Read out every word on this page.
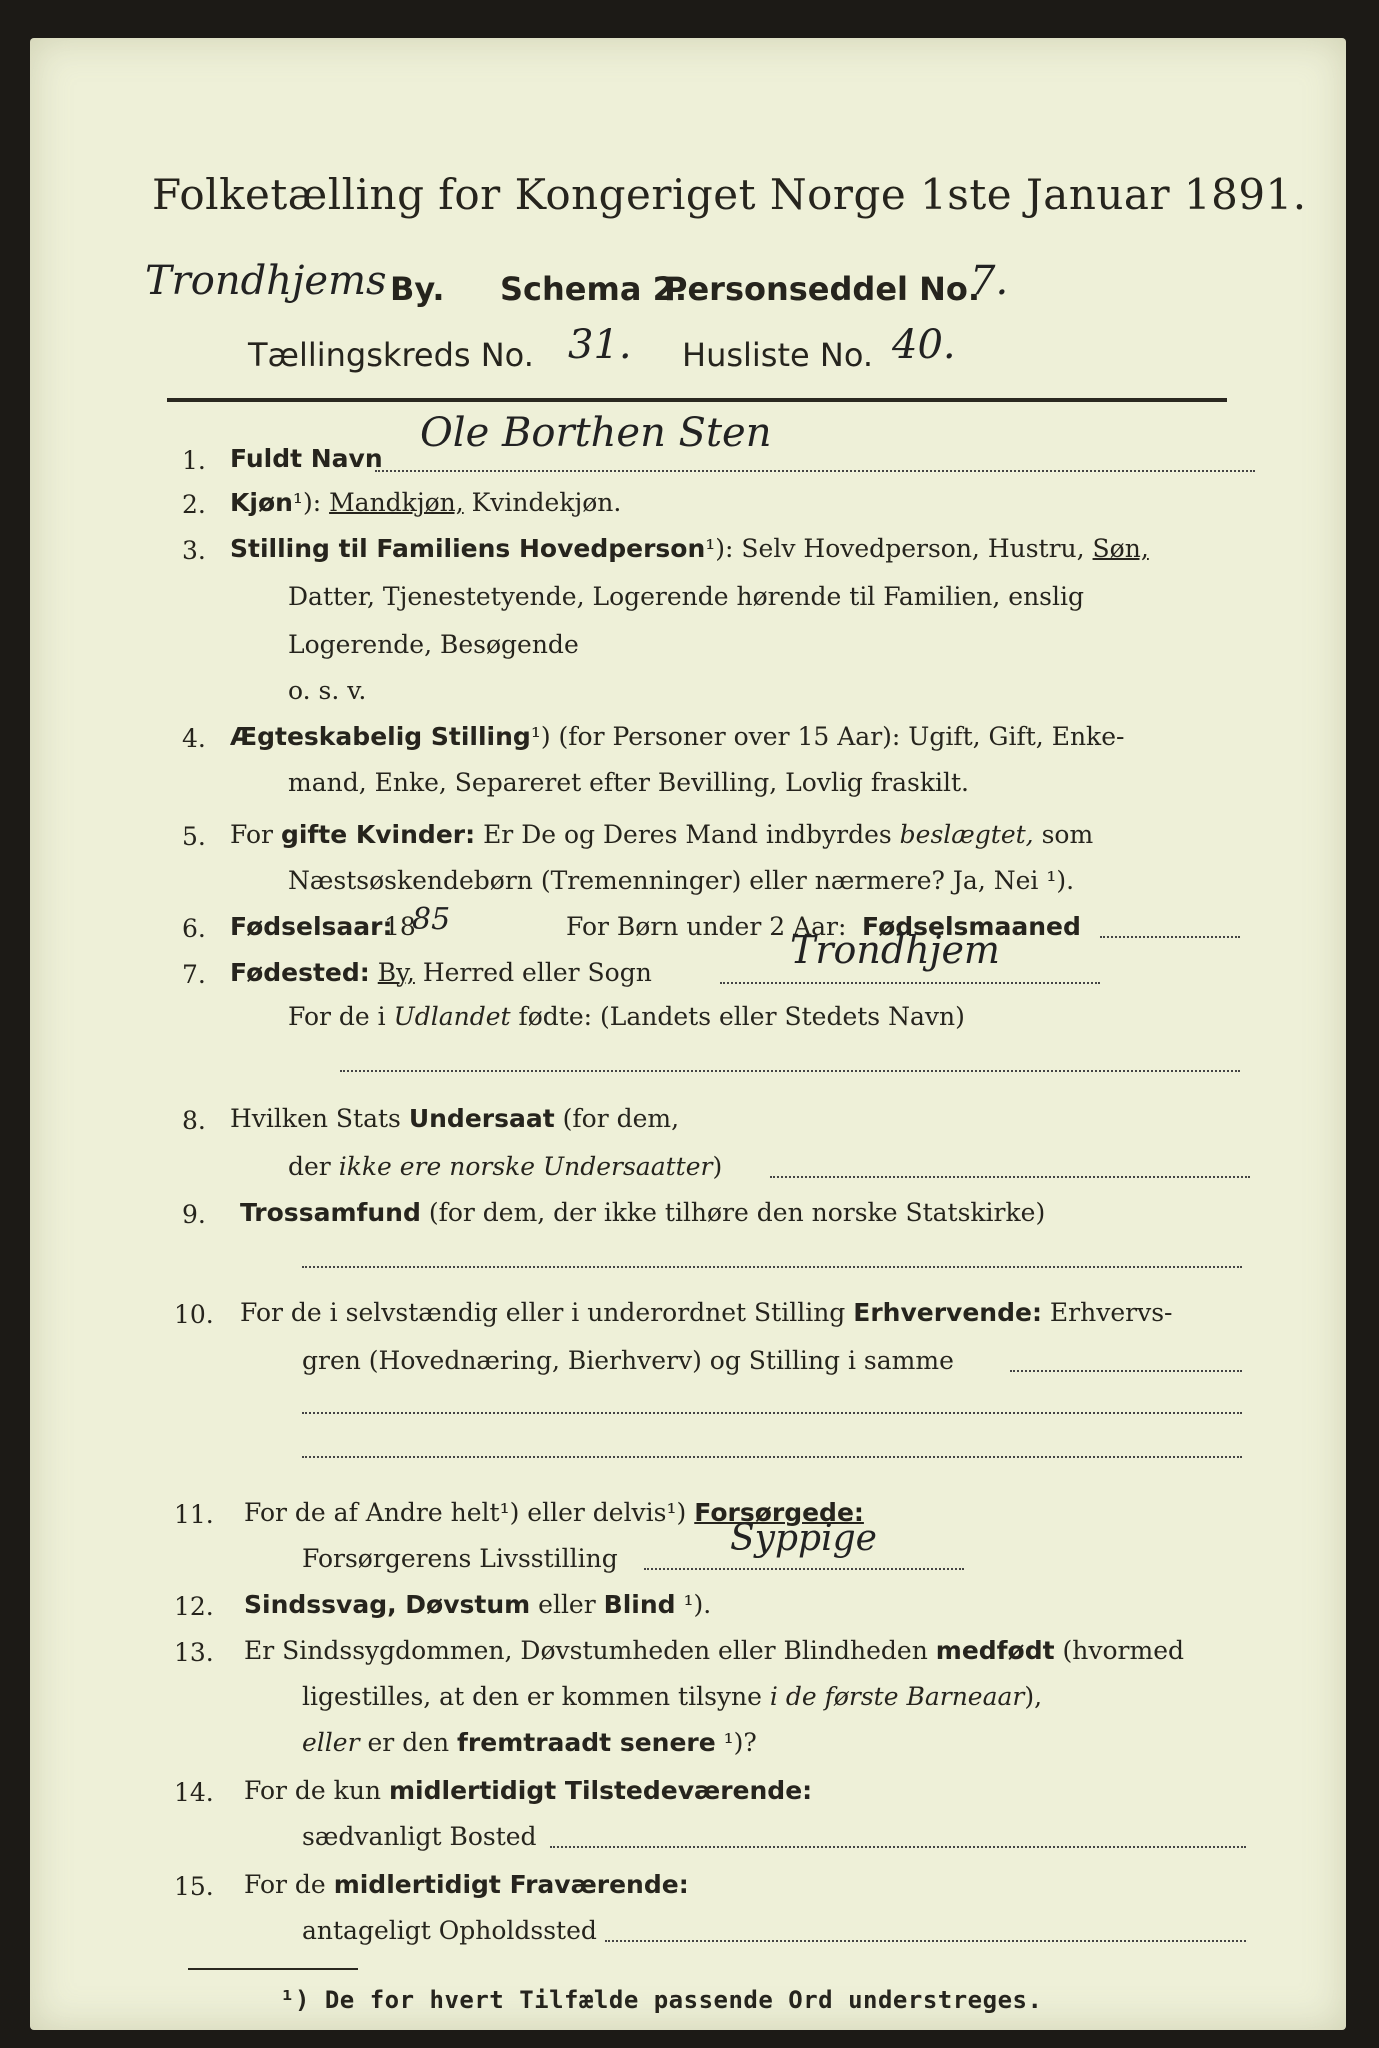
Folketælling for Kongeriget Norge 1ste Januar 1891.
Trondhjems By. Schema 2.
Personseddel No.
7.
Tællingskreds No. 31. Husliste No. 40.
1. Fuldt Navn
Ole Borthen Sten
2. Kjøn¹): Mandkjøn, Kvindekjøn.
3. Stilling til Familiens Hovedperson¹): Selv Hovedperson, Hustru, Søn,
Datter, Tjenestetyende, Logerende hørende til Familien, enslig
Logerende, Besøgende
o. s. v.
4. Ægteskabelig Stilling¹) (for Personer over 15 Aar): Ugift, Gift, Enke-
mand, Enke, Separeret efter Bevilling, Lovlig fraskilt.
5. For gifte Kvinder: Er De og Deres Mand indbyrdes beslægtet, som
Næstsøskendebørn (Tremenninger) eller nærmere? Ja, Nei ¹).
6. Fødselsaar:
18
85	For Børn under 2 Aar: Fødselsmaaned
7. Fødested: By, Herred eller Sogn
Trondhjem
For de i Udlandet fødte: (Landets eller Stedets Navn)
8. Hvilken Stats Undersaat (for dem,
der ikke ere norske Undersaatter)
9. Trossamfund (for dem, der ikke tilhøre den norske Statskirke)
10. For de i selvstændig eller i underordnet Stilling Erhvervende: Erhvervs-
gren (Hovednæring, Bierhverv) og Stilling i samme
11. For de af Andre helt¹) eller delvis¹) Forsørgede:
Forsørgerens Livsstilling	Syppige
12. Sindssvag, Døvstum eller Blind ¹).
13. Er Sindssygdommen, Døvstumheden eller Blindheden medfødt (hvormed
ligestilles, at den er kommen tilsyne i de første Barneaar),
eller er den fremtraadt senere ¹)?
14. For de kun midlertidigt Tilstedeværende:
sædvanligt Bosted
15. For de midlertidigt Fraværende:
antageligt Opholdssted
¹) De for hvert Tilfælde passende Ord understreges.
